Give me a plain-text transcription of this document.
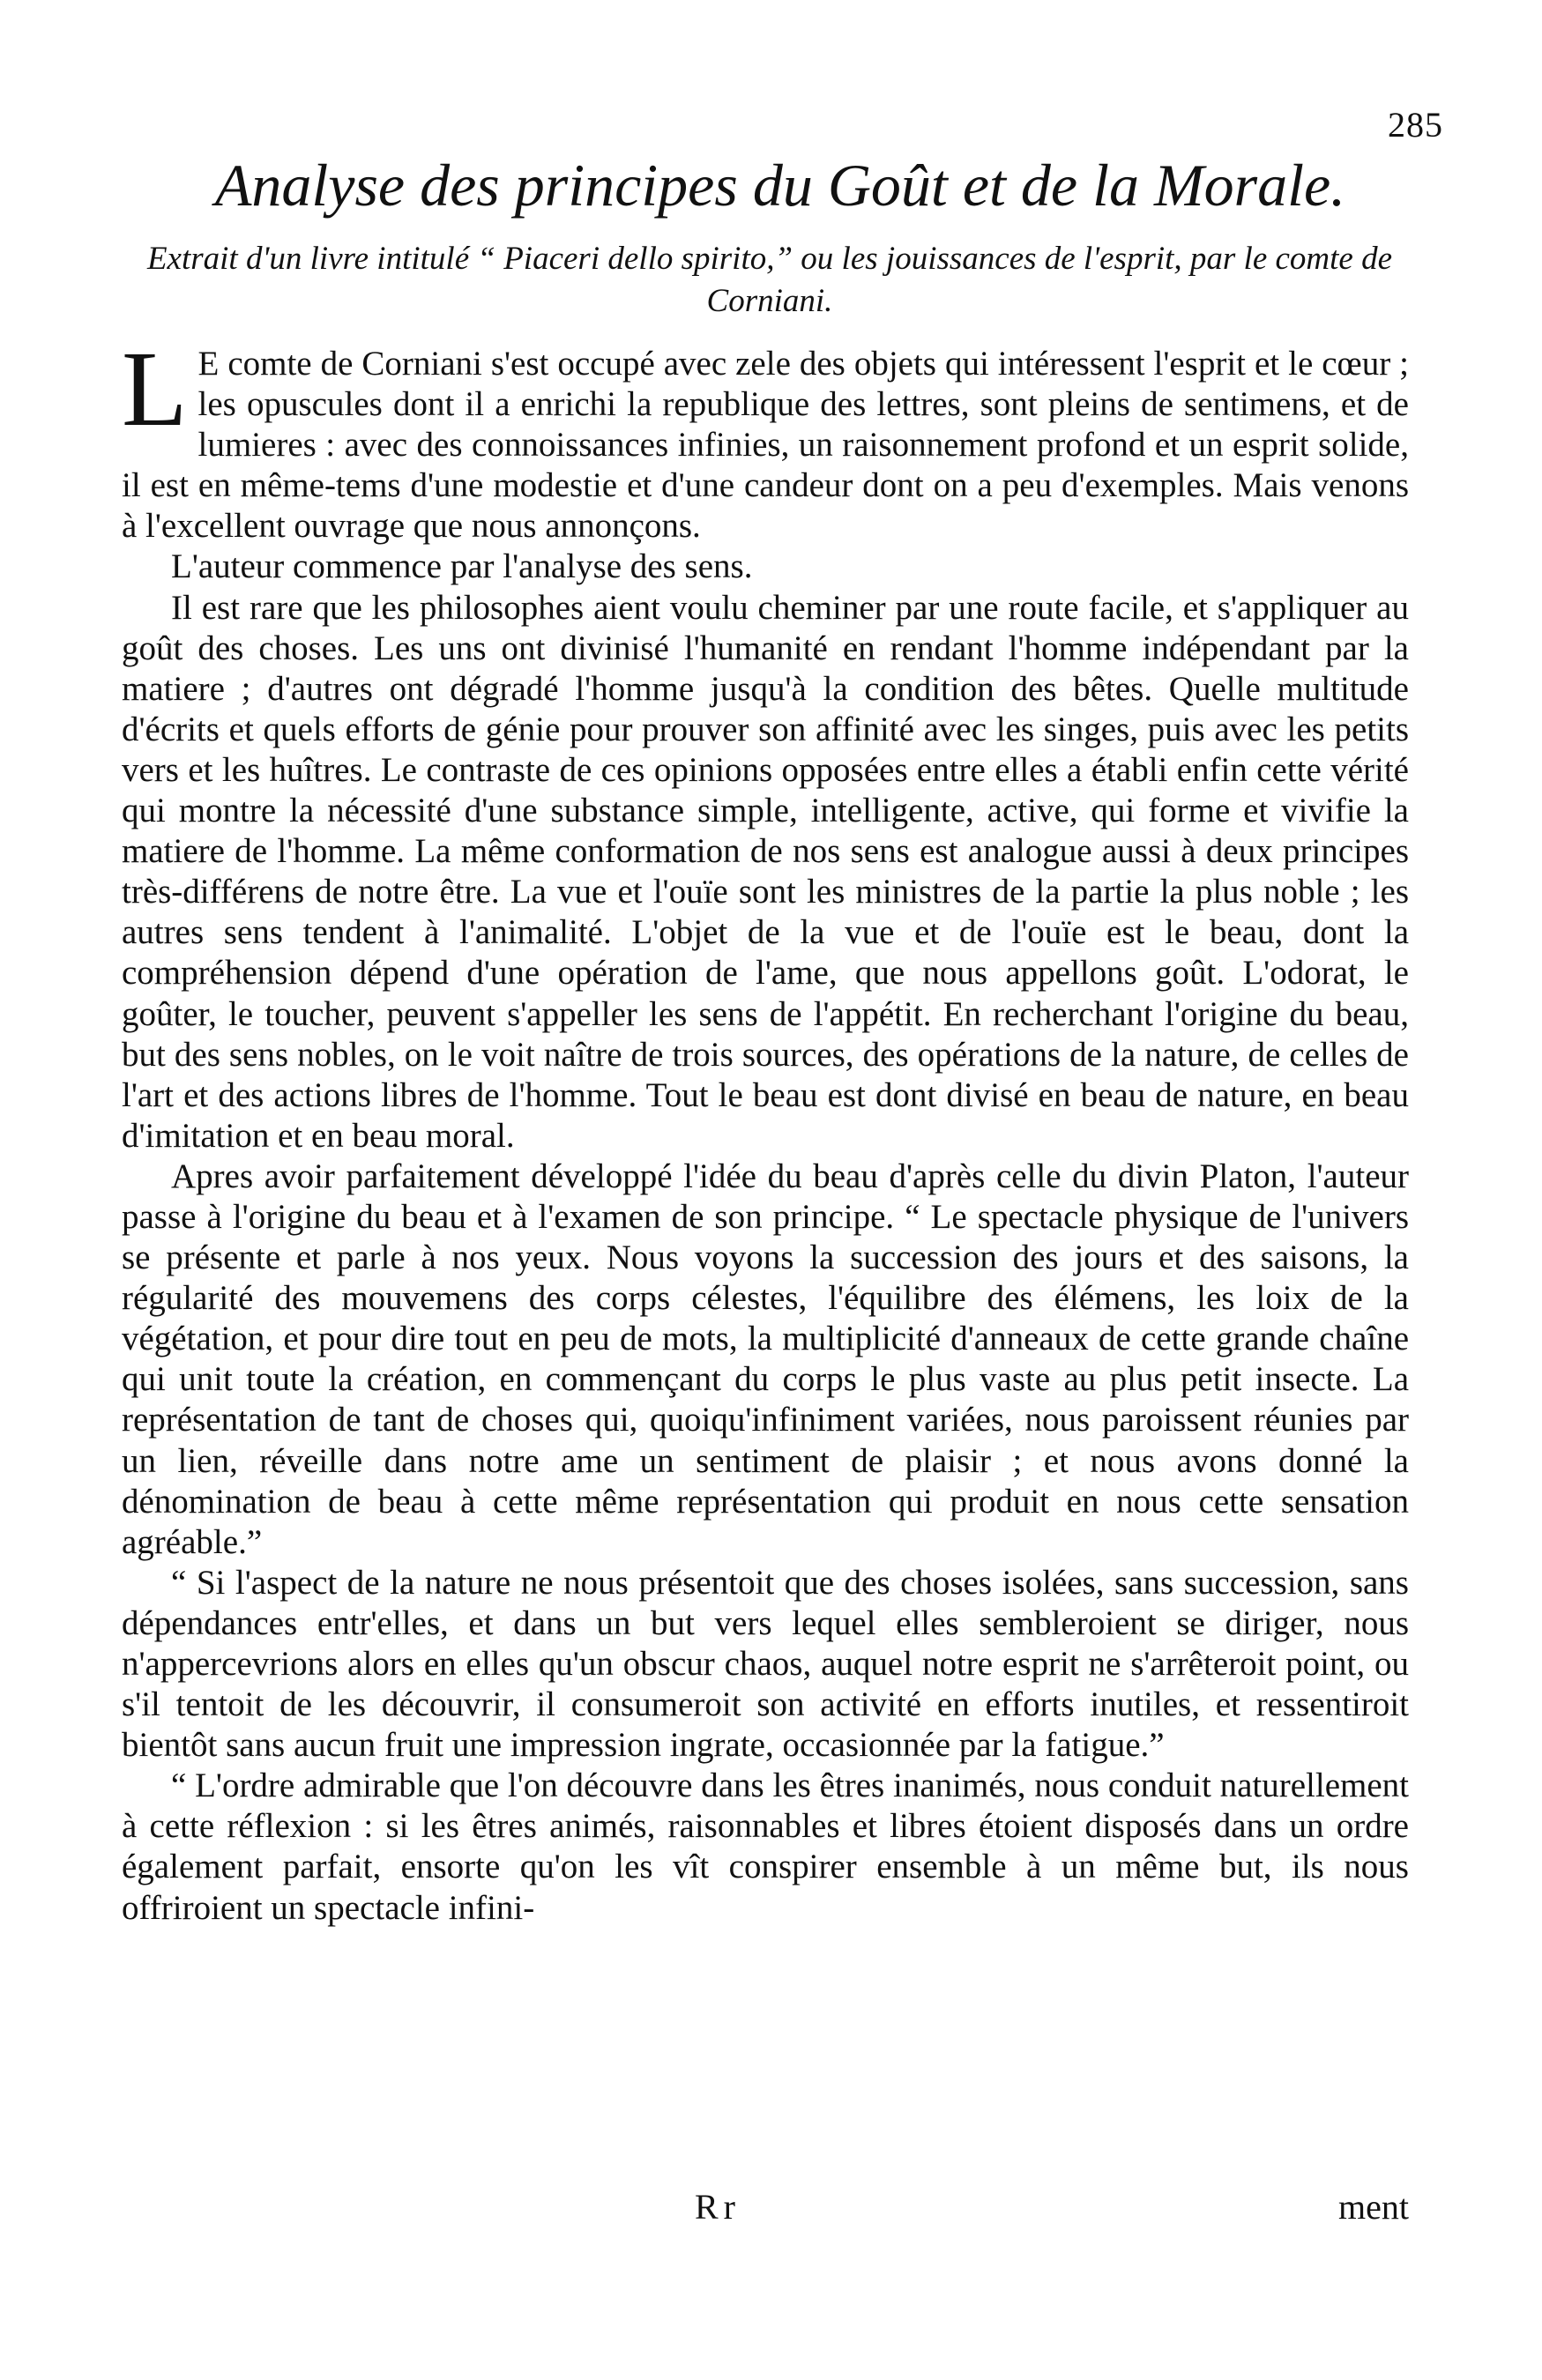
285
Analyse des principes du Goût et de la Morale.
Extrait d'un livre intitulé “ Piaceri dello spirito,” ou les jouissances de l'esprit, par le comte de Corniani.

L E comte de Corniani s'est occupé avec zele des objets qui intéressent l'esprit et le cœur ; les opuscules dont il a enrichi la republique des lettres, sont pleins de sentimens, et de lumieres : avec des connoissances infinies, un raisonnement profond et un esprit solide, il est en même-tems d'une modestie et d'une candeur dont on a peu d'exemples. Mais venons à l'excellent ouvrage que nous annonçons.

L'auteur commence par l'analyse des sens.

Il est rare que les philosophes aient voulu cheminer par une route facile, et s'appliquer au goût des choses. Les uns ont divinisé l'humanité en rendant l'homme indépendant par la matiere ; d'autres ont dégradé l'homme jusqu'à la condition des bêtes. Quelle multitude d'écrits et quels efforts de génie pour prouver son affinité avec les singes, puis avec les petits vers et les huîtres. Le contraste de ces opinions opposées entre elles a établi enfin cette vérité qui montre la nécessité d'une substance simple, intelligente, active, qui forme et vivifie la matiere de l'homme. La même conformation de nos sens est analogue aussi à deux principes très-différens de notre être. La vue et l'ouïe sont les ministres de la partie la plus noble ; les autres sens tendent à l'animalité. L'objet de la vue et de l'ouïe est le beau, dont la compréhension dépend d'une opération de l'ame, que nous appellons goût. L'odorat, le goûter, le toucher, peuvent s'appeller les sens de l'appétit. En recherchant l'origine du beau, but des sens nobles, on le voit naître de trois sources, des opérations de la nature, de celles de l'art et des actions libres de l'homme. Tout le beau est dont divisé en beau de nature, en beau d'imitation et en beau moral.

Apres avoir parfaitement développé l'idée du beau d'après celle du divin Platon, l'auteur passe à l'origine du beau et à l'examen de son principe. “ Le spectacle physique de l'univers se présente et parle à nos yeux. Nous voyons la succession des jours et des saisons, la régularité des mouvemens des corps célestes, l'équilibre des élémens, les loix de la végétation, et pour dire tout en peu de mots, la multiplicité d'anneaux de cette grande chaîne qui unit toute la création, en commençant du corps le plus vaste au plus petit insecte. La représentation de tant de choses qui, quoiqu'infiniment variées, nous paroissent réunies par un lien, réveille dans notre ame un sentiment de plaisir ; et nous avons donné la dénomination de beau à cette même représentation qui produit en nous cette sensation agréable.”

“ Si l'aspect de la nature ne nous présentoit que des choses isolées, sans succession, sans dépendances entr'elles, et dans un but vers lequel elles sembleroient se diriger, nous n'appercevrions alors en elles qu'un obscur chaos, auquel notre esprit ne s'arrêteroit point, ou s'il tentoit de les découvrir, il consumeroit son activité en efforts inutiles, et ressentiroit bientôt sans aucun fruit une impression ingrate, occasionnée par la fatigue.”

“ L'ordre admirable que l'on découvre dans les êtres inanimés, nous conduit naturellement à cette réflexion : si les êtres animés, raisonnables et libres étoient disposés dans un ordre également parfait, ensorte qu'on les vît conspirer ensemble à un même but, ils nous offriroient un spectacle infini-

Rr	ment
